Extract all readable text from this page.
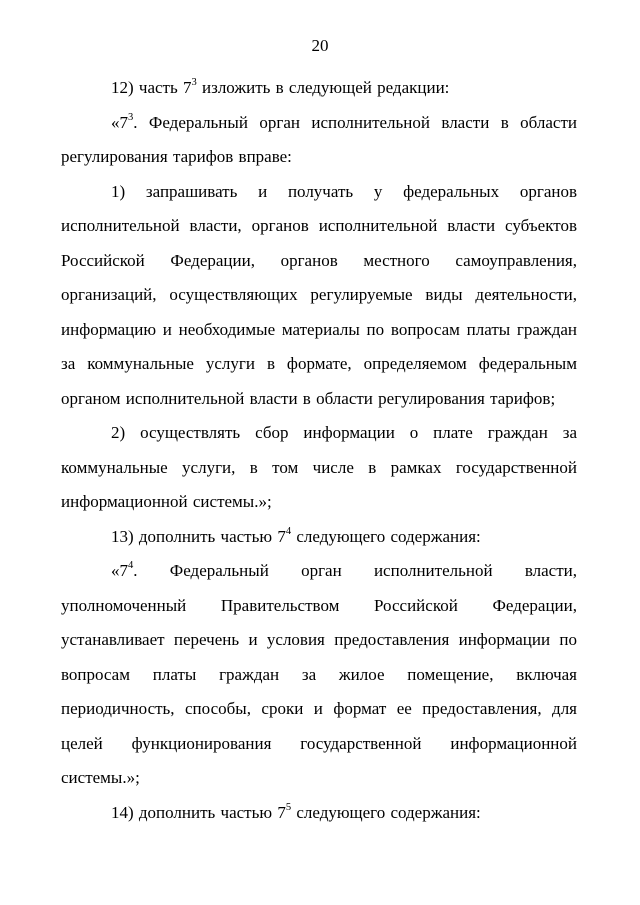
20

12) часть $7^3$ изложить в следующей редакции:

«$7^3$. Федеральный орган исполнительной власти в области регулирования тарифов вправе:

1) запрашивать и получать у федеральных органов исполнительной власти, органов исполнительной власти субъектов Российской Федерации, органов местного самоуправления, организаций, осуществляющих регулируемые виды деятельности, информацию и необходимые материалы по вопросам платы граждан за коммунальные услуги в формате, определяемом федеральным органом исполнительной власти в области регулирования тарифов;

2) осуществлять сбор информации о плате граждан за коммунальные услуги, в том числе в рамках государственной информационной системы.»;

13) дополнить частью $7^4$ следующего содержания:

«$7^4$. Федеральный орган исполнительной власти, уполномоченный Правительством Российской Федерации, устанавливает перечень и условия предоставления информации по вопросам платы граждан за жилое помещение, включая периодичность, способы, сроки и формат ее предоставления, для целей функционирования государственной информационной системы.»;

14) дополнить частью $7^5$ следующего содержания:
